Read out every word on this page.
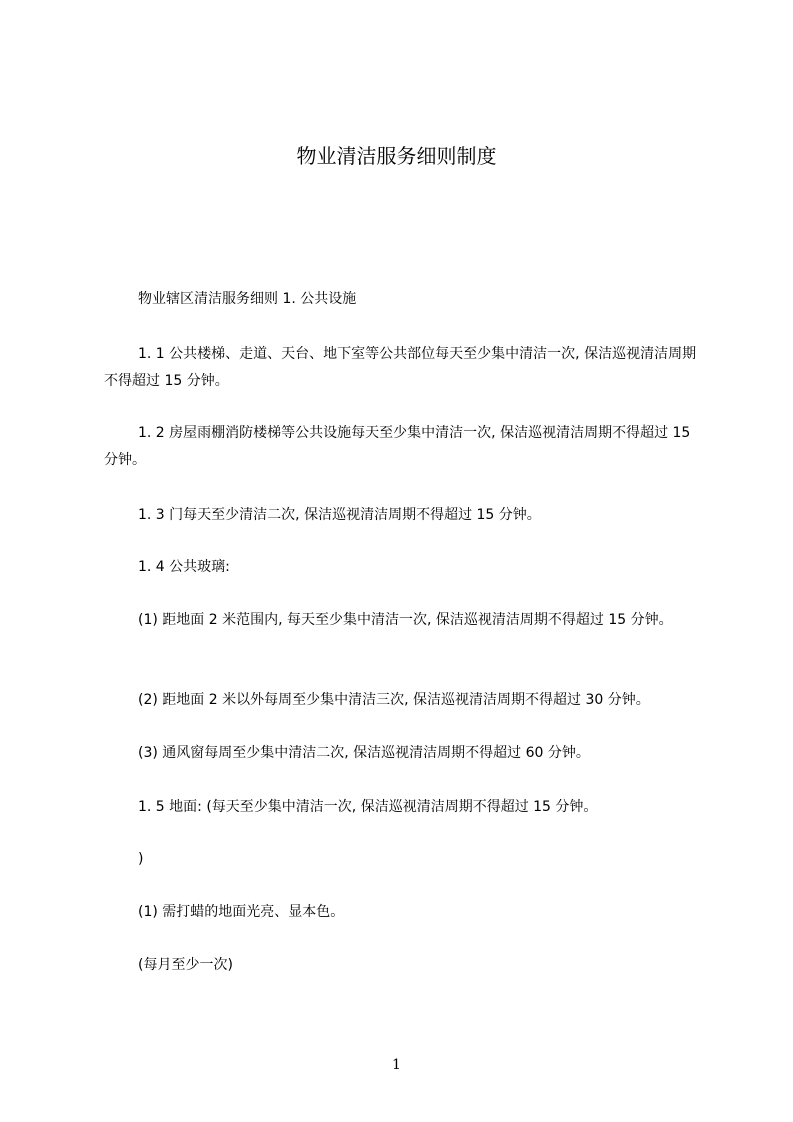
物业清洁服务细则制度

物业辖区清洁服务细则 1. 公共设施

1. 1 公共楼梯、走道、天台、地下室等公共部位每天至少集中清洁一次, 保洁巡视清洁周期不得超过 15 分钟。

1. 2 房屋雨棚消防楼梯等公共设施每天至少集中清洁一次, 保洁巡视清洁周期不得超过 15 分钟。

1. 3 门每天至少清洁二次, 保洁巡视清洁周期不得超过 15 分钟。

1. 4 公共玻璃:

(1) 距地面 2 米范围内, 每天至少集中清洁一次, 保洁巡视清洁周期不得超过 15 分钟。

(2) 距地面 2 米以外每周至少集中清洁三次, 保洁巡视清洁周期不得超过 30 分钟。

(3) 通风窗每周至少集中清洁二次, 保洁巡视清洁周期不得超过 60 分钟。

1. 5 地面: (每天至少集中清洁一次, 保洁巡视清洁周期不得超过 15 分钟。

)

(1) 需打蜡的地面光亮、显本色。

(每月至少一次)

1
